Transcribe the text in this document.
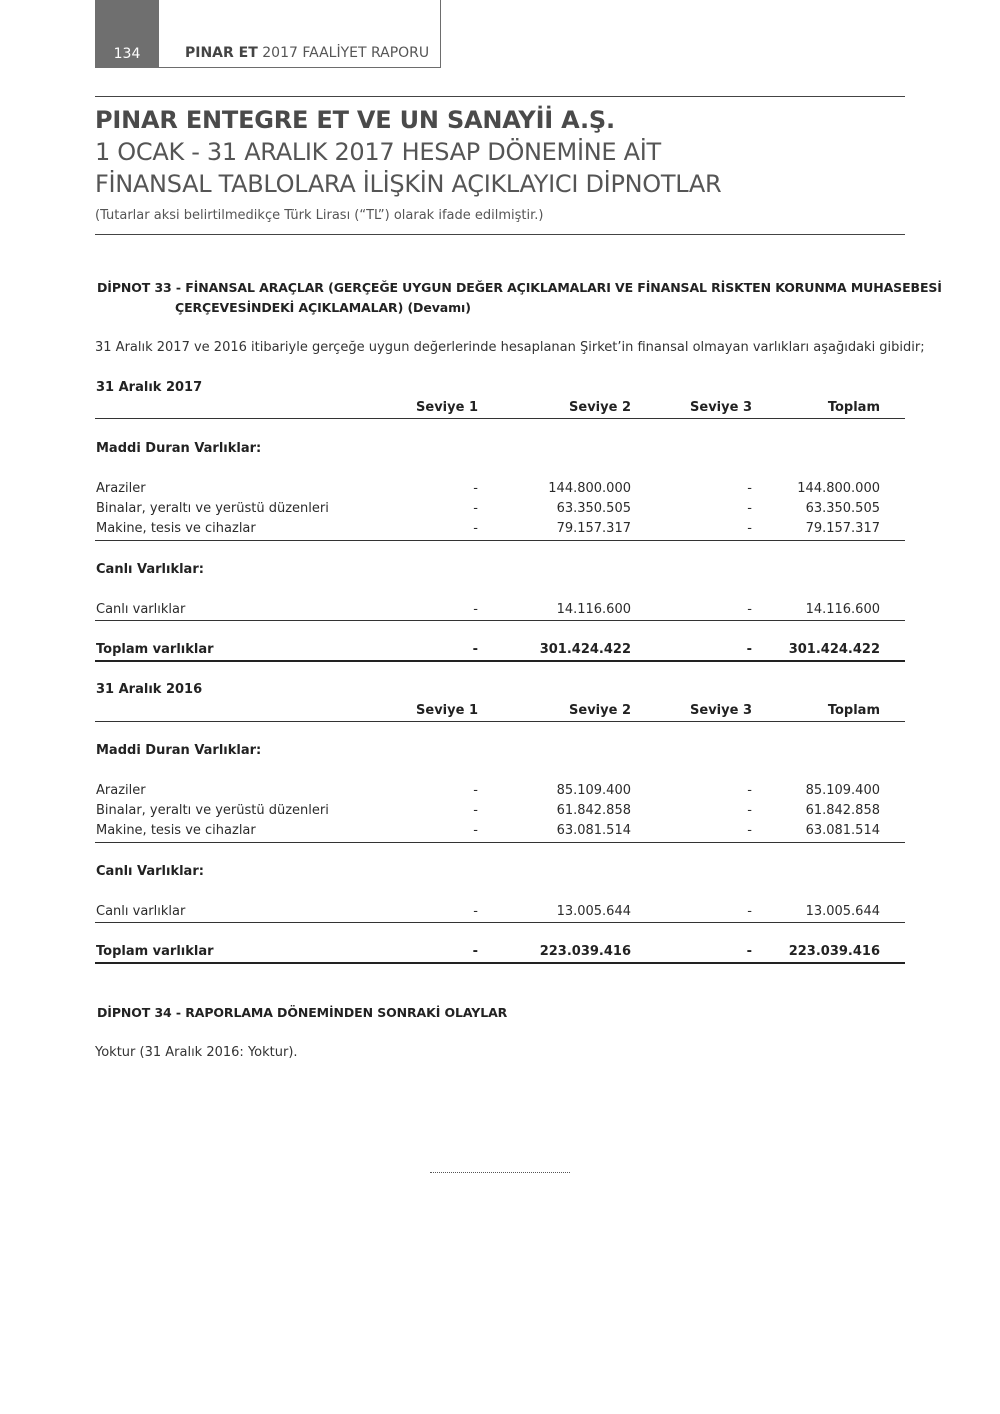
134	PINAR ET 2017 FAALİYET RAPORU
PINAR ENTEGRE ET VE UN SANAYİİ A.Ş.
1 OCAK - 31 ARALIK 2017 HESAP DÖNEMİNE AİT
FİNANSAL TABLOLARA İLİŞKİN AÇIKLAYICI DİPNOTLAR
(Tutarlar aksi belirtilmedikçe Türk Lirası (“TL”) olarak ifade edilmiştir.)
DİPNOT 33 - FİNANSAL ARAÇLAR (GERÇEĞE UYGUN DEĞER AÇIKLAMALARI VE FİNANSAL RİSKTEN KORUNMA MUHASEBESİ
ÇERÇEVESİNDEKİ AÇIKLAMALAR) (Devamı)
31 Aralık 2017 ve 2016 itibariyle gerçeğe uygun değerlerinde hesaplanan Şirket’in finansal olmayan varlıkları aşağıdaki gibidir;
31 Aralık 2017
Seviye 1	Seviye 2	Seviye 3	Toplam
Maddi Duran Varlıklar:
Araziler	-	144.800.000	-	144.800.000
Binalar, yeraltı ve yerüstü düzenleri	-	63.350.505	-	63.350.505
Makine, tesis ve cihazlar	-	79.157.317	-	79.157.317
Canlı Varlıklar:
Canlı varlıklar	-	14.116.600	-	14.116.600
Toplam varlıklar	-	301.424.422	-	301.424.422
31 Aralık 2016
Seviye 1	Seviye 2	Seviye 3	Toplam
Maddi Duran Varlıklar:
Araziler	-	85.109.400	-	85.109.400
Binalar, yeraltı ve yerüstü düzenleri	-	61.842.858	-	61.842.858
Makine, tesis ve cihazlar	-	63.081.514	-	63.081.514
Canlı Varlıklar:
Canlı varlıklar	-	13.005.644	-	13.005.644
Toplam varlıklar	-	223.039.416	-	223.039.416
DİPNOT 34 - RAPORLAMA DÖNEMİNDEN SONRAKİ OLAYLAR
Yoktur (31 Aralık 2016: Yoktur).
